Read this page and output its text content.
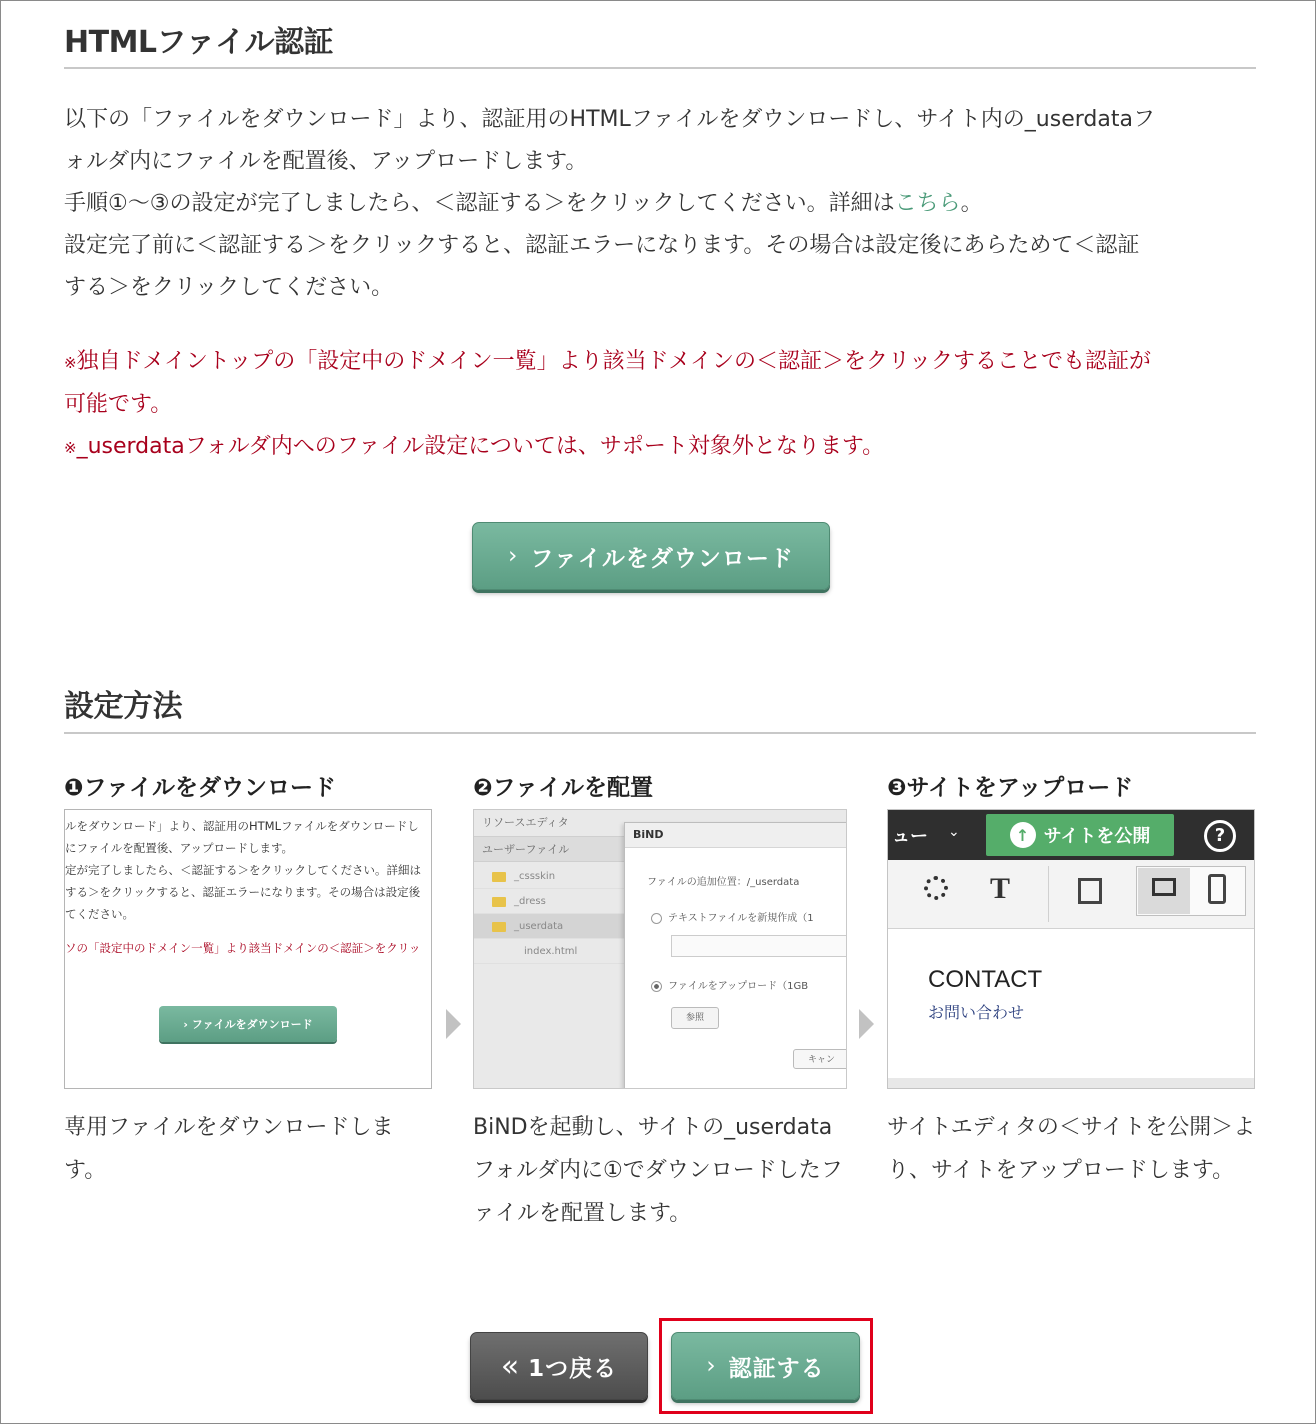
HTMLファイル認証

以下の「ファイルをダウンロード」より、認証用のHTMLファイルをダウンロードし、サイト内の_userdataフ

ォルダ内にファイルを配置後、アップロードします。

手順①〜③の設定が完了しましたら、＜認証する＞をクリックしてください。詳細はこちら。

設定完了前に＜認証する＞をクリックすると、認証エラーになります。その場合は設定後にあらためて＜認証

する＞をクリックしてください。

※独自ドメイントップの「設定中のドメイン一覧」より該当ドメインの＜認証＞をクリックすることでも認証が

可能です。

※_userdataフォルダ内へのファイル設定については、サポート対象外となります。

› ファイルをダウンロード
設定方法
❶ファイルをダウンロード
ルをダウンロード」より、認証用のHTMLファイルをダウンロードし
にファイルを配置後、アップロードします。
定が完了しましたら、＜認証する＞をクリックしてください。詳細は
する＞をクリックすると、認証エラーになります。その場合は設定後
てください。
ソの「設定中のドメイン一覧」より該当ドメインの＜認証＞をクリッ
› ファイルをダウンロード
専用ファイルをダウンロードします。
❷ファイルを配置
リソースエディタ
ユーザーファイル
_cssskin
_dress
_userdata
index.html
BiND
ファイルの追加位置：/_userdata
テキストファイルを新規作成（1
ファイルをアップロード（1GB
参照
キャン
BiNDを起動し、サイトの_userdataフォルダ内に①でダウンロードしたファイルを配置します。
❸サイトをアップロード
ュー ⌄	↑ サイトを公開	?
T
CONTACT
お問い合わせ
サイトエディタの＜サイトを公開＞より、サイトをアップロードします。
« 1つ戻る	› 認証する
